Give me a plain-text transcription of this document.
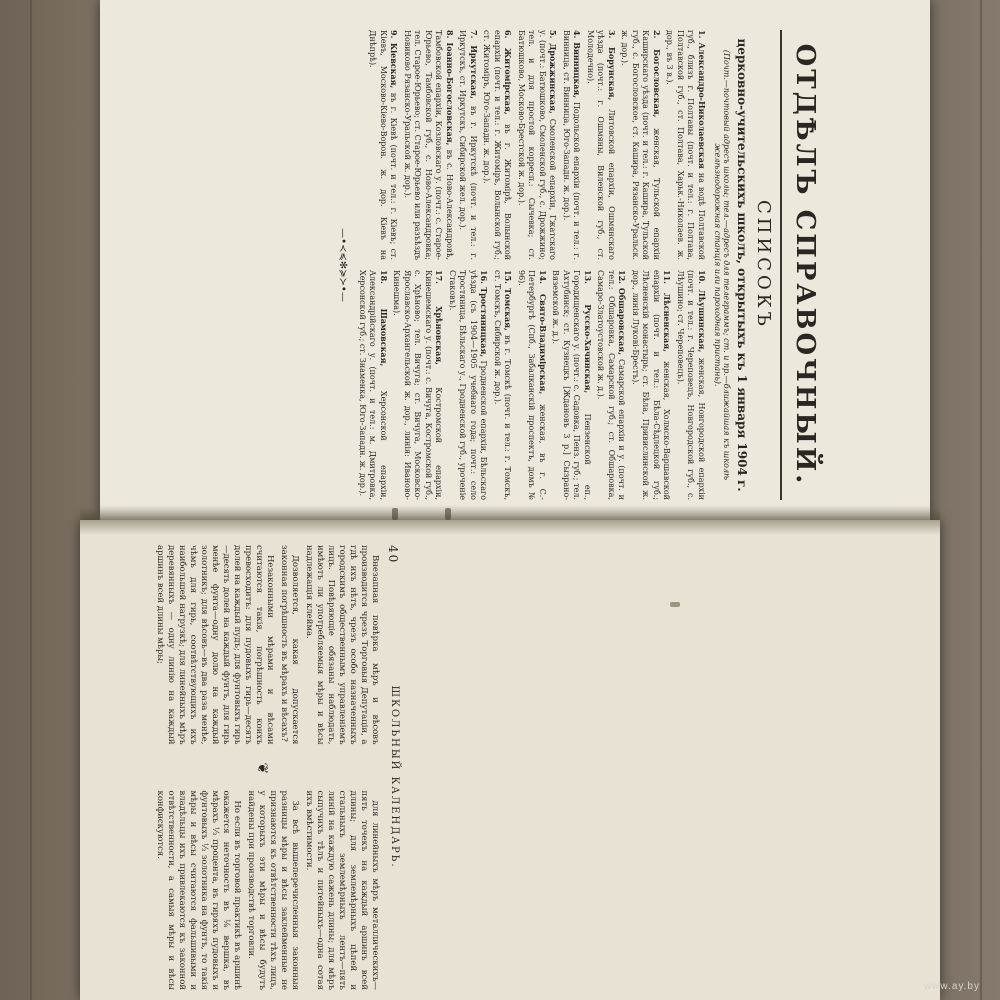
ОТДѢЛЪ СПРАВОЧНЫЙ.
СПИСОКЪ
церковно-учительскихъ школъ, открытыхъ къ 1 января 1904 г.
(Почт.—почтовый адресъ школы; тел.—адресъ для телеграммъ; ст. и пр.—ближайшая къ школѣ желѣзнодорожная станція или пароходная пристань).
1. Александро-Николаевская на водѣ Полтавской губ., близъ г. Полтавы (почт. и тел.: г. Полтава, Полтавской губ., ст. Полтава, Харьк.-Николаев. ж. дор., въ 3 в.).
2. Богословская, женская, Тульской епархіи Каширскаго уѣзда (почт. и тел.: г. Кашира, Тульской губ., с. Богословское, ст. Кашира, Рязанско-Уральск. ж. дор.).
3. Борунская, Литовской епархіи, Ошмянскаго уѣзда (почт.: г. Ошмяны, Виленской губ., ст. Молодечно).
4. Винницкая, Подольской епархіи (почт. и тел.: г. Винница, ст. Винница, Юго-Западн. ж. дор.).
5. Дрожжинская, Смоленской епархіи, Гжатскаго у. (почт.: Батюшково, Смоленской губ., с. Дрожжино; тел. и для простой корресп.: Сычевка; ст. Батюшково, Москово-Брестской ж. дор.).
6. Житомірская, въ г. Житомірѣ, Волынской епархіи (почт. и тел.: г. Житоміръ, Волынской губ.; ст. Житоміръ, Юго-Западн. ж. дор.).
7. Иркутская, въ г. Иркутскѣ (почт. и тел.: г. Иркутскъ, ст. Иркутскъ, Сибирской жел. дор.).
8. Іоанно-Богословская, въ с. Ново-Александровѣ, Тамбовской епархіи, Козловскаго у. (почт.: с. Старое-Юрьево, Тамбовской губ., с. Ново-Александровка; тел. Старое-Юрьево; ст. Старое-Юрьево или разъѣздъ Новиково Рязанско-Уральской ж. дор.).
9. Кіевская, въ г. Кіевѣ (почт. и тел.: г. Кіевъ; ст. Кіевъ, Москово-Кіево-Ворон. ж. дор. Кіевъ на Днѣпрѣ).
10. Лѣушинская, женская, Новгородской епархіи (почт. и тел.: г. Череповецъ, Новгородской губ., с. Лѣушино; ст. Череповецъ).
11. Лѣсненская, женская, Холмско-Варшавской епархіи (почт. и тел.: Бѣла-Сѣдлецкой губ.; Лѣсненскій монастырь; ст. Бѣла, Привислинской ж. дор., линія Лукові-Брестъ).
12. Обшаровская, Самарской епархіи и у. (почт. и тел.: Обшаровка, Самарской губ.; ст. Обшаровка, Самаро-Златоустовской ж. д.).
13. Русско-Хачинская, Пензенской еп., Городищенскаго у. (почт.: с. Садовка, Пенз. губ.; тел. Ахтубинск; ст. Кузнецкъ [Ждановъ 3 р.] Сызрано-Вяземской ж. д.).
14. Свято-Владимірская, женская, въ г. С.-Петербургѣ (Спб., Забалканскій проспектъ, домъ № 96).
15. Томская, въ г. Томскѣ (почт. и тел.: г. Томскъ, ст. Томскъ, Сибирской ж. дор.).
16. Тростяницкая, Гродненской епархіи, Бѣльскаго уѣзда (съ 1904—1905 учебнаго года; почт.: село Тростяница, Бѣльскаго у., Гродненской губ., уроченіе Стаковъ).
17. Хрѣновская, Костромской епархіи, Кинешемскаго у. (почт.: с. Вичуга, Костромской губ., с. Хрѣново; тел. Вичуга; ст. Вичуга, Московско-Ярославско-Архангельской ж. дор., линія: Иваново-Кинешма).
18. Шамовская, Херсонской епархіи, Александрійскаго у. (почт. и тел.: м. Дмитровка, Херсонской губ.; ст. Знаменка, Юго-Западн. ж. дор.).
—•≺≼✻≽≻•—
40
ШКОЛЬНЫЙ КАЛЕНДАРЬ.

Внезапная повѣрка мѣръ и вѣсовъ производится чрезъ Торговыя Депутаціи, а гдѣ ихъ нѣтъ, чрезъ особо назначенныхъ городскимъ общественнымъ управленіемъ лицъ. Повѣряющіе обязаны наблюдать, имѣютъ ли употребляемыя мѣры и вѣсы надлежащія клейма.

Дозволяется, какая допускается законная погрѣшность въ мѣрахъ и вѣсахъ?

Незаконными мѣрами и вѣсами считаются такія, погрѣшность коихъ превосходитъ: для пудовыхъ гирь—десять долей на каждый пудъ; для фунтовыхъ гирь—десять долей на каждый фунтъ, для гирь менѣе фунта—одну долю на каждый золотникъ; для вѣсовъ—въ два раза менѣе, чѣмъ для гирь, соотвѣтствующихъ ихъ наибольшей нагрузкѣ; для линейныхъ мѣръ деревянныхъ — одну линію на каждый аршинъ всей длины мѣры;

❦

для линейныхъ мѣръ металлическихъ—пять точекъ на каждый аршинъ всей длины; для землемѣрныхъ цѣпей и стальныхъ землемѣрныхъ лентъ—пять линій на каждую сажень длины; для мѣръ сыпучихъ тѣлъ и питейныхъ—одна сотая ихъ вмѣстимости.

За всѣ вышеперечисленныя законныя разницы мѣры и вѣсы заклейменные не признаются къ отвѣтственности тѣхъ лицъ, у которыхъ эти мѣры и вѣсы будутъ найдены при производствѣ торговли.

Но если въ торговой практикѣ въ аршинѣ окажется неточность въ ⅛ вершка, въ мѣрахъ ⅓ процента, въ гиряхъ пудовыхъ и фунтовыхъ ⅓ золотника на фунтъ, то такія мѣры и вѣсы считаются фальшивыми и владѣльцы ихъ привлекаются къ законной отвѣтственности, а самыя мѣры и вѣсы конфискуются.

www.ay.by
